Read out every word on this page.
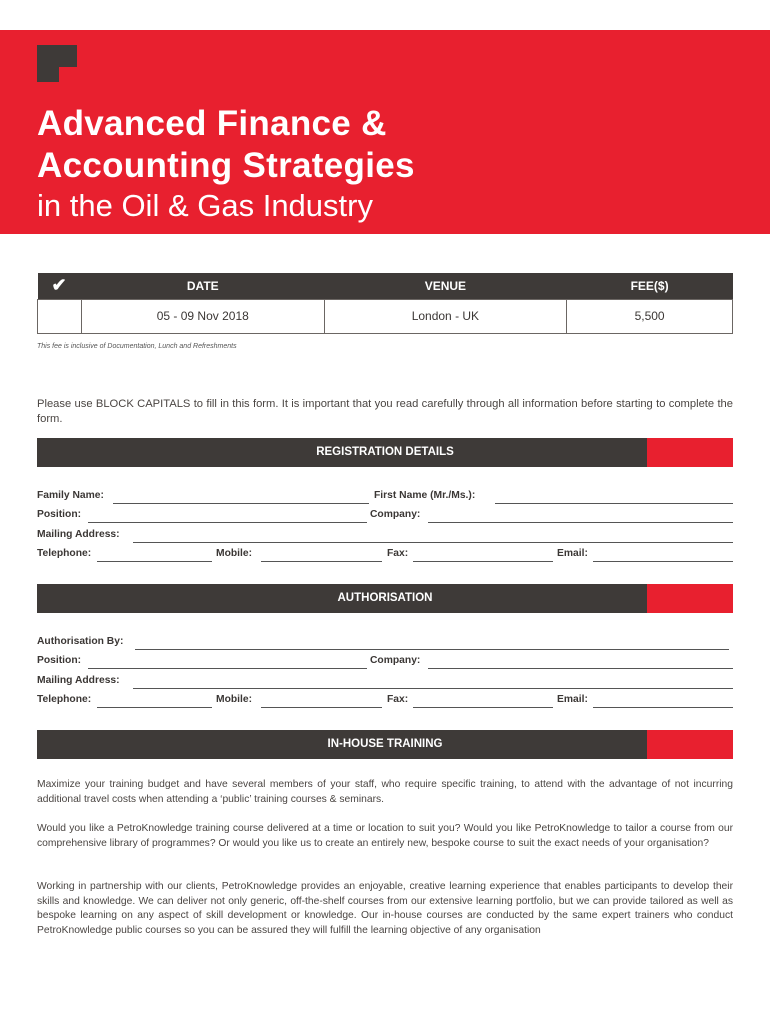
Advanced Finance &
Accounting Strategies
in the Oil & Gas Industry
✔	DATE	VENUE	FEE($)
	05 - 09 Nov 2018	London - UK	5,500
This fee is inclusive of Documentation, Lunch and Refreshments
Please use BLOCK CAPITALS to fill in this form. It is important that you read carefully through all information before starting to complete the form.
REGISTRATION DETAILS
Family Name:	First Name (Mr./Ms.):
Position:	Company:
Mailing Address:
Telephone:	Mobile:	Fax:	Email:
AUTHORISATION
Authorisation By:
Position:	Company:
Mailing Address:
Telephone:	Mobile:	Fax:	Email:
IN-HOUSE TRAINING
Maximize your training budget and have several members of your staff, who require specific training, to attend with the advantage of not incurring additional travel costs when attending a ‘public’ training courses & seminars.
Would you like a PetroKnowledge training course delivered at a time or location to suit you? Would you like PetroKnowledge to tailor a course from our comprehensive library of programmes? Or would you like us to create an entirely new, bespoke course to suit the exact needs of your organisation?
Working in partnership with our clients, PetroKnowledge provides an enjoyable, creative learning experience that enables participants to develop their skills and knowledge. We can deliver not only generic, off-the-shelf courses from our extensive learning portfolio, but we can provide tailored as well as bespoke learning on any aspect of skill development or knowledge. Our in-house courses are conducted by the same expert trainers who conduct PetroKnowledge public courses so you can be assured they will fulfill the learning objective of any organisation
